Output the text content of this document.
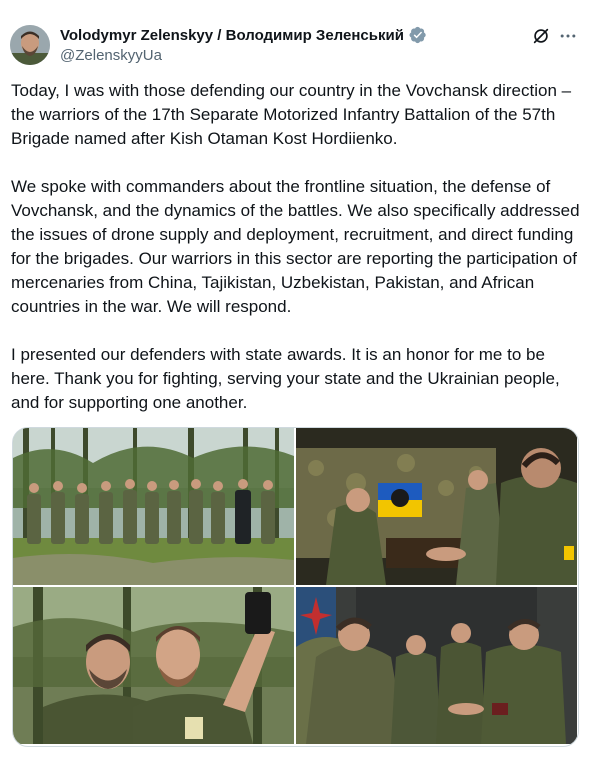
Volodymyr Zelenskyy / Володимир Зеленський
@ZelenskyyUa

Today, I was with those defending our country in the Vovchansk direction – the warriors of the 17th Separate Motorized Infantry Battalion of the 57th Brigade named after Kish Otaman Kost Hordiienko.

We spoke with commanders about the frontline situation, the defense of Vovchansk, and the dynamics of the battles. We also specifically addressed the issues of drone supply and deployment, recruitment, and direct funding for the brigades. Our warriors in this sector are reporting the participation of mercenaries from China, Tajikistan, Uzbekistan, Pakistan, and African countries in the war. We will respond.

I presented our defenders with state awards. It is an honor for me to be here. Thank you for fighting, serving your state and the Ukrainian people, and for supporting one another.
